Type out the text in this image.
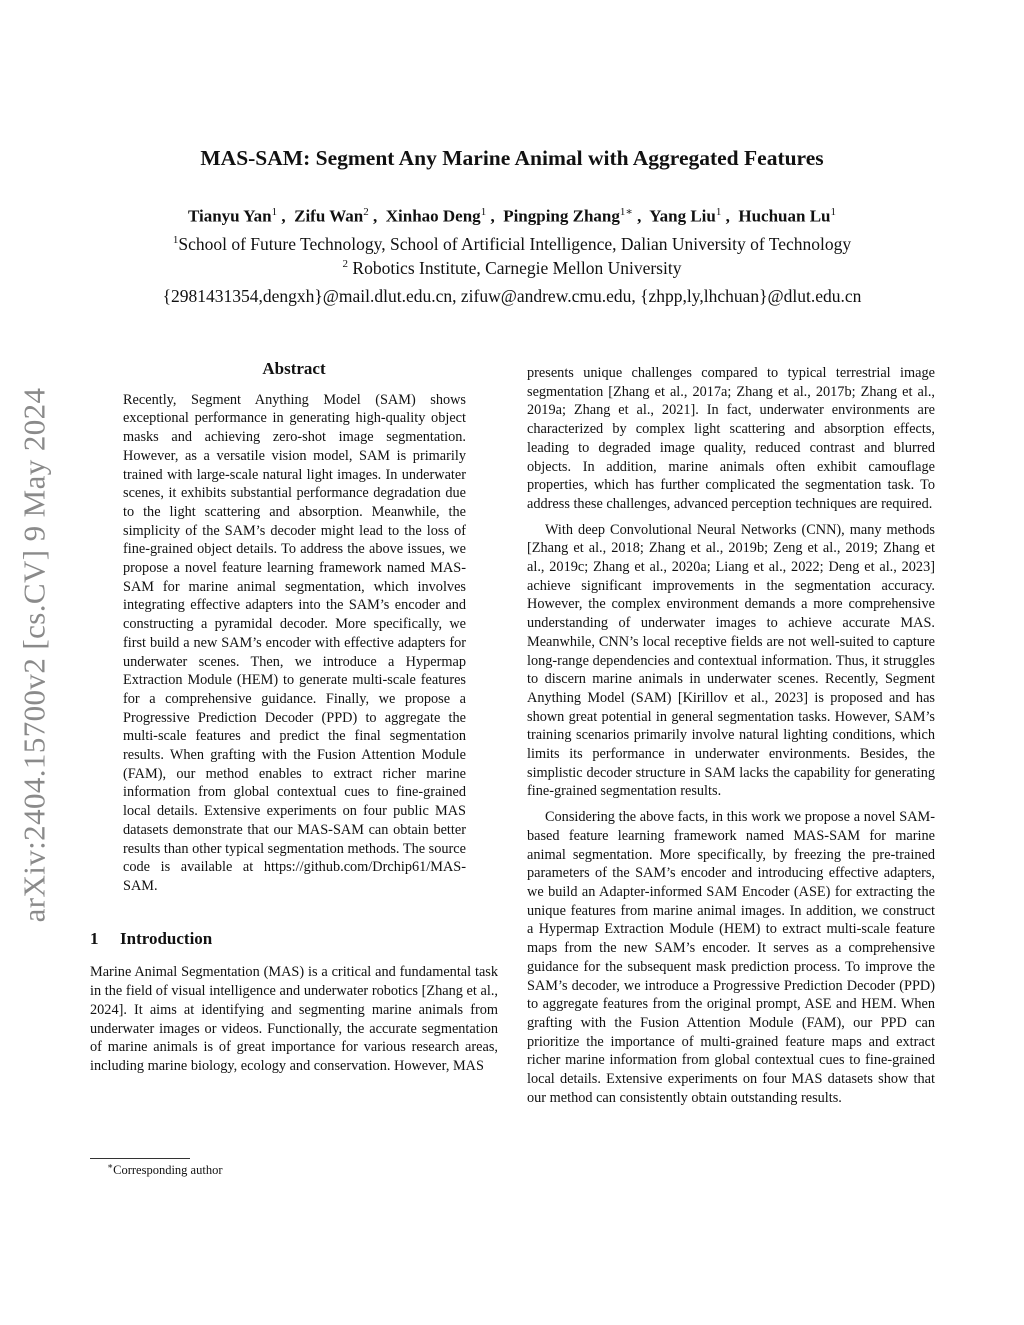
arXiv:2404.15700v2 [cs.CV] 9 May 2024
MAS-SAM: Segment Any Marine Animal with Aggregated Features
Tianyu Yan$^1$ ,  Zifu Wan$^2$ ,  Xinhao Deng$^1$ ,  Pingping Zhang$^{1∗}$ ,  Yang Liu$^1$ ,  Huchuan Lu$^1$
$^1$School of Future Technology, School of Artificial Intelligence, Dalian University of Technology
$^2$ Robotics Institute, Carnegie Mellon University
{2981431354,dengxh}@mail.dlut.edu.cn, zifuw@andrew.cmu.edu, {zhpp,ly,lhchuan}@dlut.edu.cn
Abstract

Recently, Segment Anything Model (SAM) shows exceptional performance in generating high-quality object masks and achieving zero-shot image segmentation. However, as a versatile vision model, SAM is primarily trained with large-scale natural light images. In underwater scenes, it exhibits substantial performance degradation due to the light scattering and absorption. Meanwhile, the simplicity of the SAM’s decoder might lead to the loss of fine-grained object details. To address the above issues, we propose a novel feature learning framework named MAS-SAM for marine animal segmentation, which involves integrating effective adapters into the SAM’s encoder and constructing a pyramidal decoder. More specifically, we first build a new SAM’s encoder with effective adapters for underwater scenes. Then, we introduce a Hypermap Extraction Module (HEM) to generate multi-scale features for a comprehensive guidance. Finally, we propose a Progressive Prediction Decoder (PPD) to aggregate the multi-scale features and predict the final segmentation results. When grafting with the Fusion Attention Module (FAM), our method enables to extract richer marine information from global contextual cues to fine-grained local details. Extensive experiments on four public MAS datasets demonstrate that our MAS-SAM can obtain better results than other typical segmentation methods. The source code is available at https://github.com/Drchip61/MAS-SAM.

1 Introduction

Marine Animal Segmentation (MAS) is a critical and fundamental task in the field of visual intelligence and underwater robotics [Zhang et al., 2024]. It aims at identifying and segmenting marine animals from underwater images or videos. Functionally, the accurate segmentation of marine animals is of great importance for various research areas, including marine biology, ecology and conservation. However, MAS

presents unique challenges compared to typical terrestrial image segmentation [Zhang et al., 2017a; Zhang et al., 2017b; Zhang et al., 2019a; Zhang et al., 2021]. In fact, underwater environments are characterized by complex light scattering and absorption effects, leading to degraded image quality, reduced contrast and blurred objects. In addition, marine animals often exhibit camouflage properties, which has further complicated the segmentation task. To address these challenges, advanced perception techniques are required.

With deep Convolutional Neural Networks (CNN), many methods [Zhang et al., 2018; Zhang et al., 2019b; Zeng et al., 2019; Zhang et al., 2019c; Zhang et al., 2020a; Liang et al., 2022; Deng et al., 2023] achieve significant improvements in the segmentation accuracy. However, the complex environment demands a more comprehensive understanding of underwater images to achieve accurate MAS. Meanwhile, CNN’s local receptive fields are not well-suited to capture long-range dependencies and contextual information. Thus, it struggles to discern marine animals in underwater scenes. Recently, Segment Anything Model (SAM) [Kirillov et al., 2023] is proposed and has shown great potential in general segmentation tasks. However, SAM’s training scenarios primarily involve natural lighting conditions, which limits its performance in underwater environments. Besides, the simplistic decoder structure in SAM lacks the capability for generating fine-grained segmentation results.

Considering the above facts, in this work we propose a novel SAM-based feature learning framework named MAS-SAM for marine animal segmentation. More specifically, by freezing the pre-trained parameters of the SAM’s encoder and introducing effective adapters, we build an Adapter-informed SAM Encoder (ASE) for extracting the unique features from marine animal images. In addition, we construct a Hypermap Extraction Module (HEM) to extract multi-scale feature maps from the new SAM’s encoder. It serves as a comprehensive guidance for the subsequent mask prediction process. To improve the SAM’s decoder, we introduce a Progressive Prediction Decoder (PPD) to aggregate features from the original prompt, ASE and HEM. When grafting with the Fusion Attention Module (FAM), our PPD can prioritize the importance of multi-grained feature maps and extract richer marine information from global contextual cues to fine-grained local details. Extensive experiments on four MAS datasets show that our method can consistently obtain outstanding results.

∗Corresponding author
